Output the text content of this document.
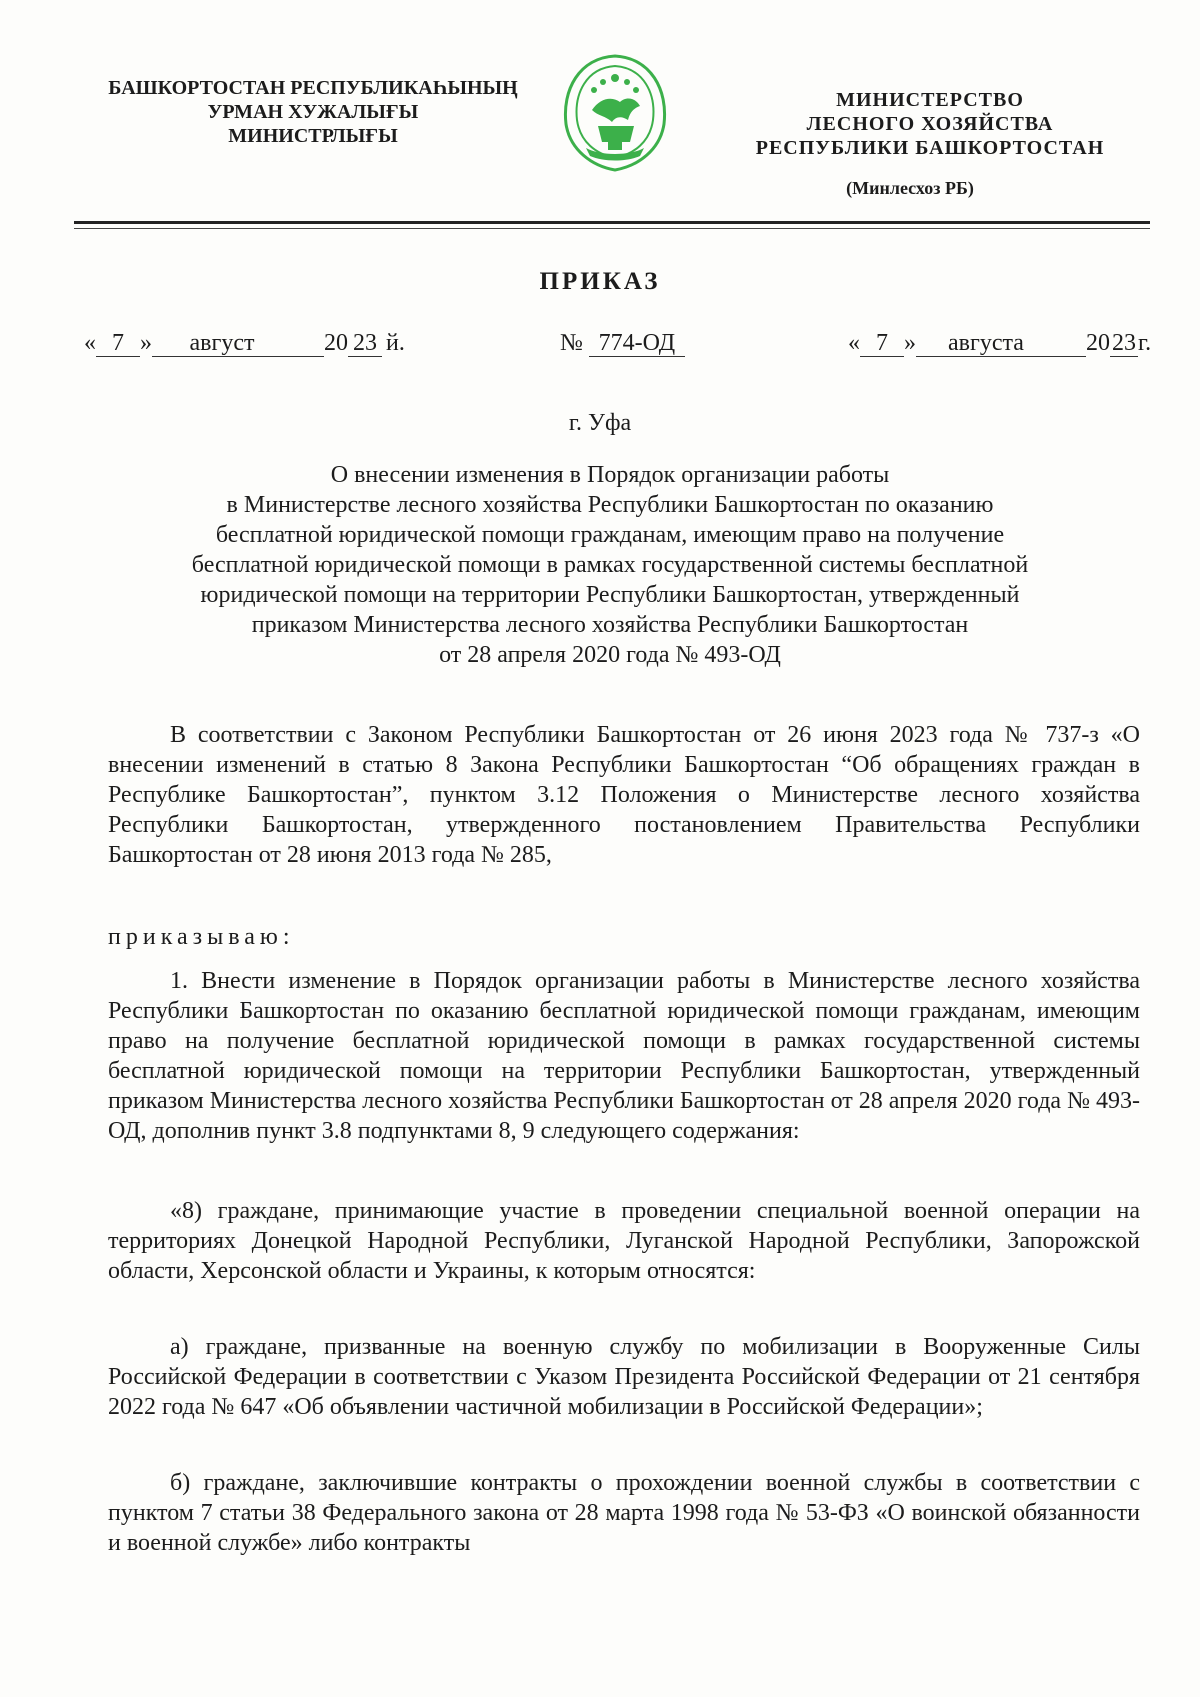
БАШКОРТОСТАН РЕСПУБЛИКАҺЫНЫҢ
УРМАН ХУЖАЛЫҒЫ
МИНИСТРЛЫҒЫ
МИНИСТЕРСТВО
ЛЕСНОГО ХОЗЯЙСТВА
РЕСПУБЛИКИ БАШКОРТОСТАН
(Минлесхоз РБ)
ПРИКАЗ
« 7 » август	20 23 й.	№ 774-ОД	« 7 » августа	2023г.
г. Уфа
О внесении изменения в Порядок организации работы
в Министерстве лесного хозяйства Республики Башкортостан по оказанию
бесплатной юридической помощи гражданам, имеющим право на получение
бесплатной юридической помощи в рамках государственной системы бесплатной
юридической помощи на территории Республики Башкортостан, утвержденный
приказом Министерства лесного хозяйства Республики Башкортостан
от 28 апреля 2020 года № 493-ОД
В соответствии с Законом Республики Башкортостан от 26 июня 2023 года № 737-з «О внесении изменений в статью 8 Закона Республики Башкортостан “Об обращениях граждан в Республике Башкортостан”, пунктом 3.12 Положения о Министерстве лесного хозяйства Республики Башкортостан, утвержденного постановлением Правительства Республики Башкортостан от 28 июня 2013 года № 285,
приказываю:
1. Внести изменение в Порядок организации работы в Министерстве лесного хозяйства Республики Башкортостан по оказанию бесплатной юридической помощи гражданам, имеющим право на получение бесплатной юридической помощи в рамках государственной системы бесплатной юридической помощи на территории Республики Башкортостан, утвержденный приказом Министерства лесного хозяйства Республики Башкортостан от 28 апреля 2020 года № 493-ОД, дополнив пункт 3.8 подпунктами 8, 9 следующего содержания:
«8) граждане, принимающие участие в проведении специальной военной операции на территориях Донецкой Народной Республики, Луганской Народной Республики, Запорожской области, Херсонской области и Украины, к которым относятся:
а) граждане, призванные на военную службу по мобилизации в Вооруженные Силы Российской Федерации в соответствии с Указом Президента Российской Федерации от 21 сентября 2022 года № 647 «Об объявлении частичной мобилизации в Российской Федерации»;
б) граждане, заключившие контракты о прохождении военной службы в соответствии с пунктом 7 статьи 38 Федерального закона от 28 марта 1998 года № 53-ФЗ «О воинской обязанности и военной службе» либо контракты
